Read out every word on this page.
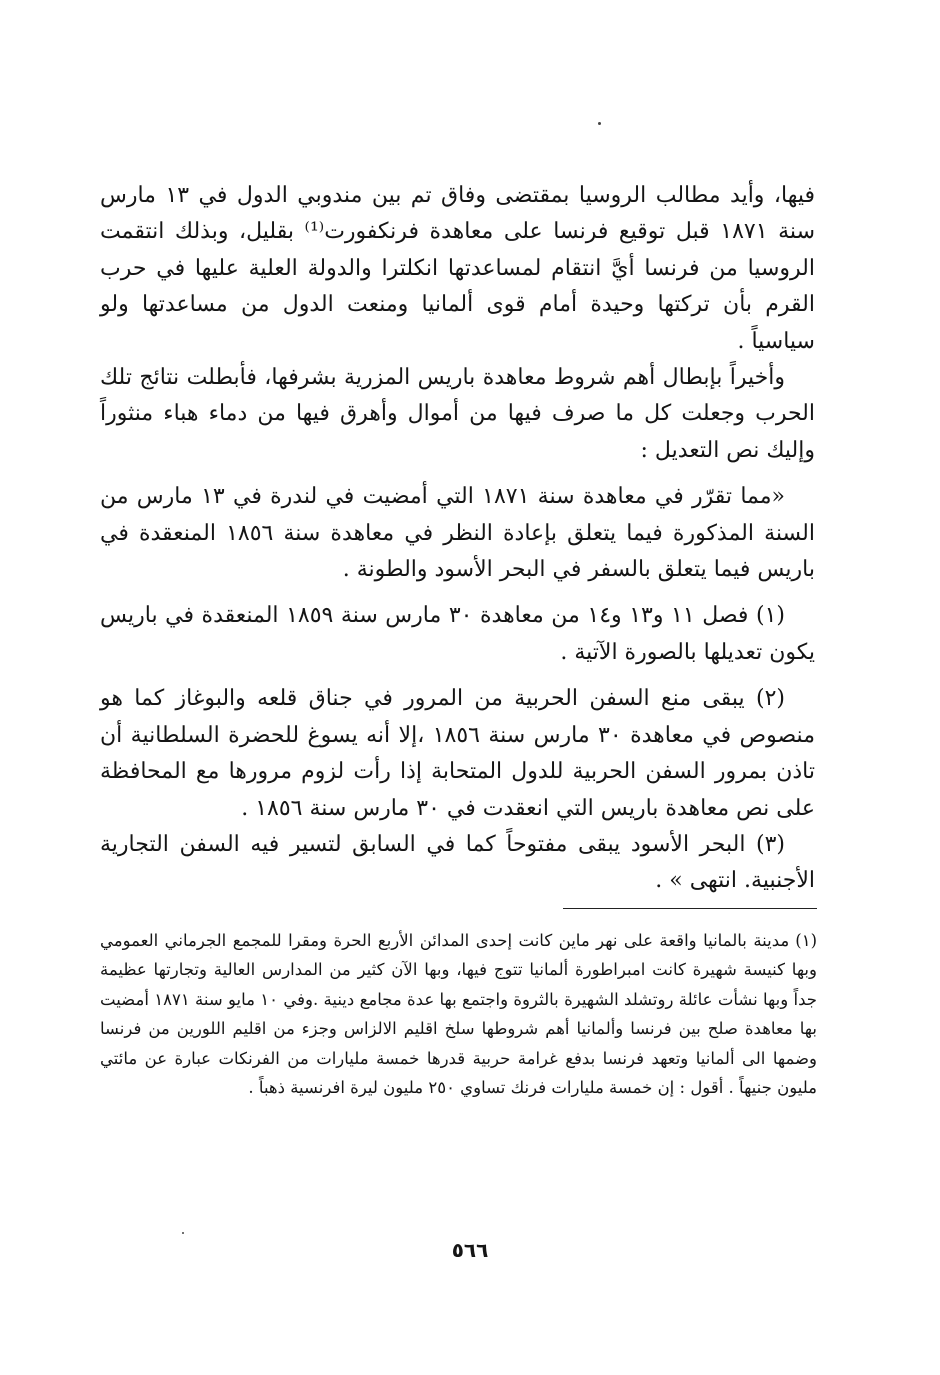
فيها، وأيد مطالب الروسيا بمقتضى وفاق تم بين مندوبي الدول في ١٣ مارس سنة ١٨٧١ قبل توقيع فرنسا على معاهدة فرنكفورت⁽¹⁾ بقليل، وبذلك انتقمت الروسيا من فرنسا أيَّ انتقام لمساعدتها انكلترا والدولة العلية عليها في حرب القرم بأن تركتها وحيدة أمام قوى ألمانيا ومنعت الدول من مساعدتها ولو سياسياً .

وأخيراً بإبطال أهم شروط معاهدة باريس المزرية بشرفها، فأبطلت نتائج تلك الحرب وجعلت كل ما صرف فيها من أموال وأهرق فيها من دماء هباء منثوراً وإليك نص التعديل :

«مما تقرّر في معاهدة سنة ١٨٧١ التي أمضيت في لندرة في ١٣ مارس من السنة المذكورة فيما يتعلق بإعادة النظر في معاهدة سنة ١٨٥٦ المنعقدة في باريس فيما يتعلق بالسفر في البحر الأسود والطونة .

(١) فصل ١١ و١٣ و١٤ من معاهدة ٣٠ مارس سنة ١٨٥٩ المنعقدة في باريس يكون تعديلها بالصورة الآتية .

(٢) يبقى منع السفن الحربية من المرور في جناق قلعه والبوغاز كما هو منصوص في معاهدة ٣٠ مارس سنة ١٨٥٦ ،إلا أنه يسوغ للحضرة السلطانية أن تاذن بمرور السفن الحربية للدول المتحابة إذا رأت لزوم مرورها مع المحافظة على نص معاهدة باريس التي انعقدت في ٣٠ مارس سنة ١٨٥٦ .

(٣) البحر الأسود يبقى مفتوحاً كما في السابق لتسير فيه السفن التجارية الأجنبية. انتهى » .

(١)مدينة بالمانيا واقعة على نهر ماين كانت إحدى المدائن الأربع الحرة ومقرا للمجمع الجرماني العمومي وبها كنيسة شهيرة كانت امبراطورة ألمانيا تتوج فيها، وبها الآن كثير من المدارس العالية وتجارتها عظيمة جداً وبها نشأت عائلة روتشلد الشهيرة بالثروة واجتمع بها عدة مجامع دينية .وفي ١٠ مايو سنة ١٨٧١ أمضيت بها معاهدة صلح بين فرنسا وألمانيا أهم شروطها سلخ اقليم الالزاس وجزء من اقليم اللورين من فرنسا وضمها الى ألمانيا وتعهد فرنسا بدفع غرامة حربية قدرها خمسة مليارات من الفرنكات عبارة عن مائتي مليون جنيهاً . أقول : إن خمسة مليارات فرنك تساوي ٢٥٠ مليون ليرة افرنسية ذهباً .

٥٦٦
